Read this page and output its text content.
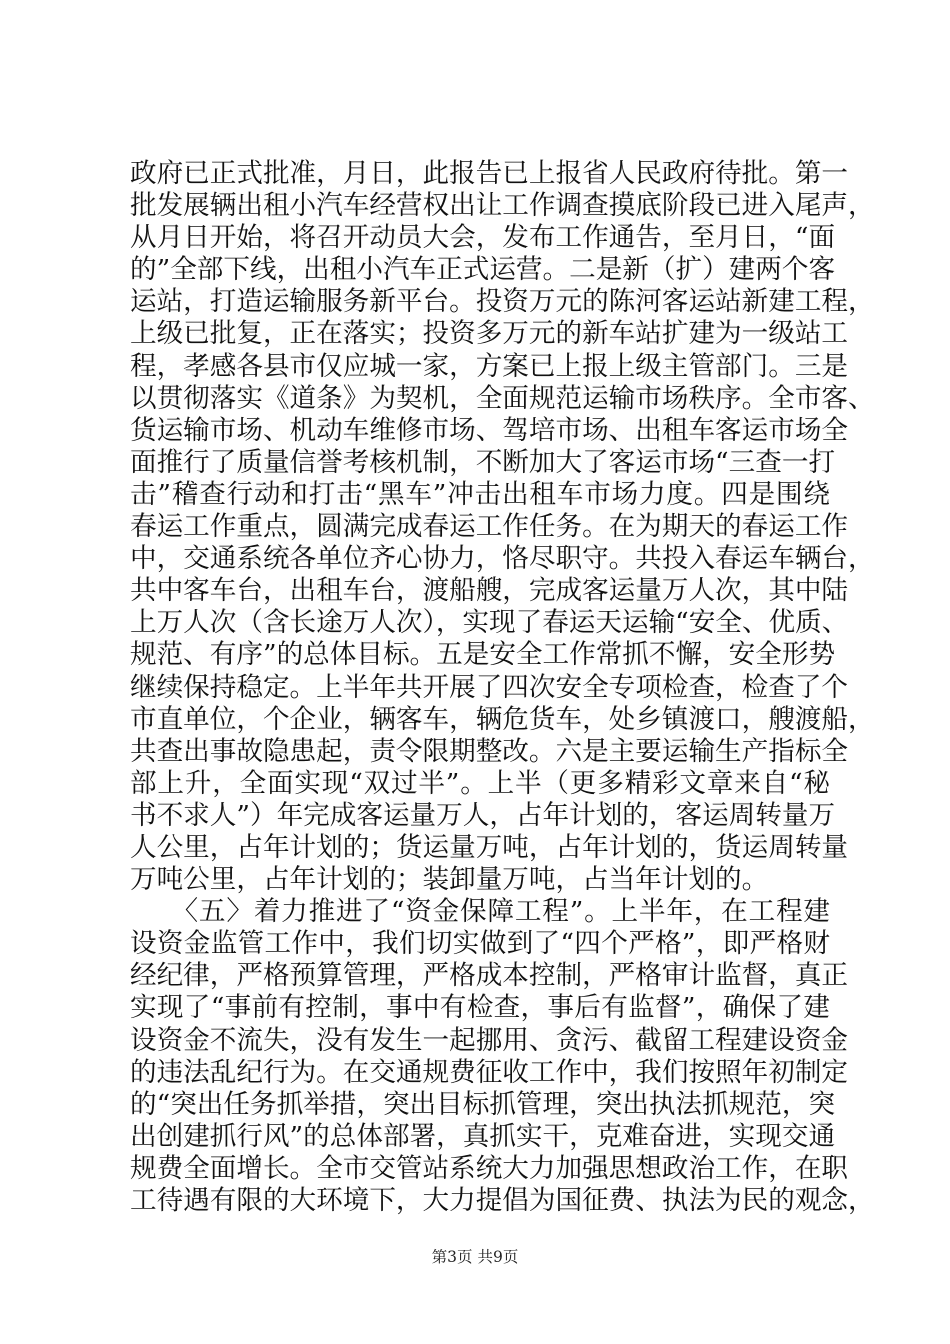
政府已正式批准，月日，此报告已上报省人民政府待批。第一
批发展辆出租小汽车经营权出让工作调查摸底阶段已进入尾声，
从月日开始，将召开动员大会，发布工作通告，至月日，“面
的”全部下线，出租小汽车正式运营。二是新（扩）建两个客
运站，打造运输服务新平台。投资万元的陈河客运站新建工程，
上级已批复，正在落实；投资多万元的新车站扩建为一级站工
程，孝感各县市仅应城一家，方案已上报上级主管部门。三是
以贯彻落实《道条》为契机，全面规范运输市场秩序。全市客、
货运输市场、机动车维修市场、驾培市场、出租车客运市场全
面推行了质量信誉考核机制，不断加大了客运市场“三查一打
击”稽查行动和打击“黑车”冲击出租车市场力度。四是围绕
春运工作重点，圆满完成春运工作任务。在为期天的春运工作
中，交通系统各单位齐心协力，恪尽职守。共投入春运车辆台，
共中客车台，出租车台，渡船艘，完成客运量万人次，其中陆
上万人次（含长途万人次），实现了春运天运输“安全、优质、
规范、有序”的总体目标。五是安全工作常抓不懈，安全形势
继续保持稳定。上半年共开展了四次安全专项检查，检查了个
市直单位，个企业，辆客车，辆危货车，处乡镇渡口，艘渡船，
共查出事故隐患起，责令限期整改。六是主要运输生产指标全
部上升，全面实现“双过半”。上半（更多精彩文章来自“秘
书不求人”）年完成客运量万人，占年计划的，客运周转量万
人公里，占年计划的；货运量万吨，占年计划的，货运周转量
万吨公里，占年计划的；装卸量万吨，占当年计划的。
　　〈五〉着力推进了“资金保障工程”。上半年，在工程建
设资金监管工作中，我们切实做到了“四个严格”，即严格财
经纪律，严格预算管理，严格成本控制，严格审计监督，真正
实现了“事前有控制，事中有检查，事后有监督”，确保了建
设资金不流失，没有发生一起挪用、贪污、截留工程建设资金
的违法乱纪行为。在交通规费征收工作中，我们按照年初制定
的“突出任务抓举措，突出目标抓管理，突出执法抓规范，突
出创建抓行风”的总体部署，真抓实干，克难奋进，实现交通
规费全面增长。全市交管站系统大力加强思想政治工作，在职
工待遇有限的大环境下，大力提倡为国征费、执法为民的观念，
第3页 共9页
